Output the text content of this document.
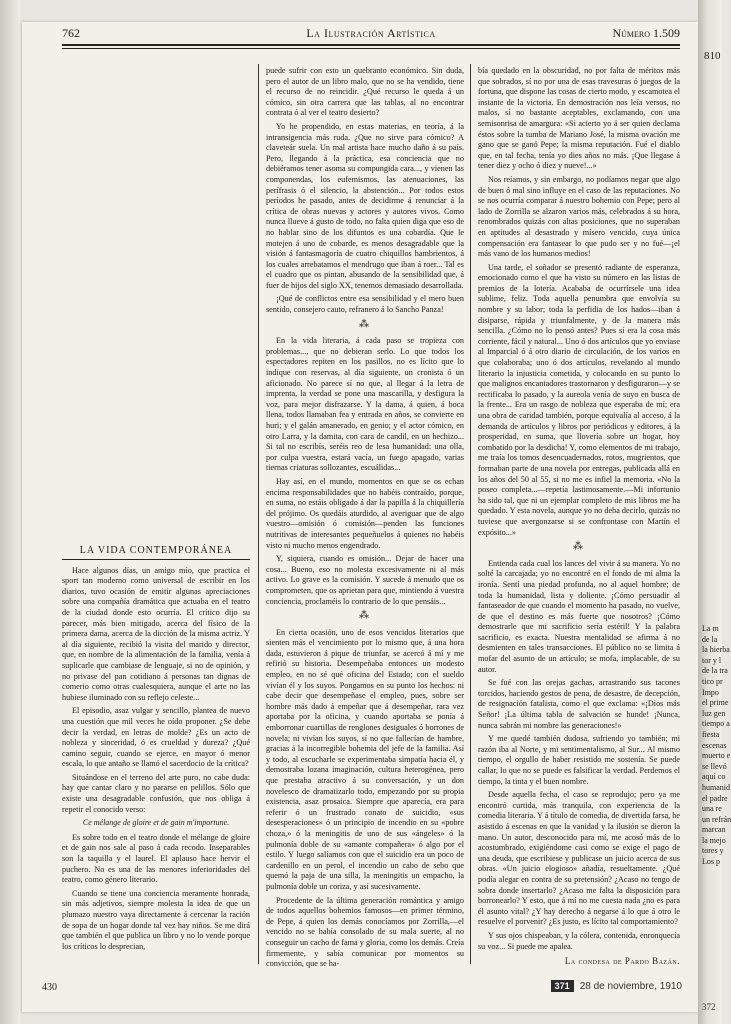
810
La m
de la
la hierba
tor y l
de la tra
tico pr
Impo
el prime
luz gen
tiempo a
fiesta
escenas
muerto e
se llevó
aquí co
humanid
el padre
una re
un refrán
marcan
la mejo
tores y
Los p
372
762	La Ilustración Artística	Número 1.509
LA VIDA CONTEMPORÁNEA

Hace algunos días, un amigo mío, que practica el sport tan moderno como universal de escribir en los diarios, tuvo ocasión de emitir algunas apreciaciones sobre una compañía dramática que actuaba en el teatro de la ciudad donde esto ocurría. El crítico dijo su parecer, más bien mitigado, acerca del físico de la primera dama, acerca de la dicción de la misma actriz. Y al día siguiente, recibió la visita del marido y director, que, en nombre de la alimentación de la familia, venía á suplicarle que cambiase de lenguaje, si no de opinión, y no privase del pan cotidiano á personas tan dignas de comerio como otras cualesquiera, aunque el arte no las hubiese iluminado con su reflejo celeste...

El episodio, asaz vulgar y sencillo, plantea de nuevo una cuestión que mil veces he oído proponer. ¿Se debe decir la verdad, en letras de molde? ¿Es un acto de nobleza y sinceridad, ó es crueldad y dureza? ¿Qué camino seguir, cuando se ejerce, en mayor ó menor escala, lo que antaño se llamó el sacerdocio de la crítica?

Situándose en el terreno del arte puro, no cabe duda: hay que cantar claro y no pararse en pelillos. Sólo que existe una desagradable confusión, que nos obliga á repetir el conocido verso:

Ce mélange de gloire et de gain m'importune.

Es sobre todo en el teatro donde el mélange de gloire et de gain nos sale al paso á cada recodo. Inseparables son la taquilla y el laurel. El aplauso hace hervir el puchero. No es una de las menores inferioridades del teatro, como género literario.

Cuando se tiene una conciencia meramente honrada, sin más adjetivos, siempre molesta la idea de que un plumazo nuestro vaya directamente á cercenar la ración de sopa de un hogar donde tal vez hay niños. Se me dirá que también el que publica un libro y no lo vende porque los críticos lo desprecian,

puede sufrir con esto un quebranto económico. Sin duda, pero el autor de un libro malo, que no se ha vendido, tiene el recurso de no reincidir. ¿Qué recurso le queda á un cómico, sin otra carrera que las tablas, al no encontrar contrata ó al ver el teatro desierto?

Yo he propendido, en estas materias, en teoría, á la intransigencia más ruda. ¿Que no sirve para cómico? A claveteár suela. Un mal artista hace mucho daño á su país. Pero, llegando á la práctica, esa conciencia que no debiéramos tener asoma su compungida cara..., y vienen las componendas, los eufemismos, las atenuaciones, las perífrasis ó el silencio, la abstención... Por todos estos períodos he pasado, antes de decidirme á renunciar á la crítica de obras nuevas y actores y autores vivos. Como nunca llueve á gusto de todo, no falta quien diga que eso de no hablar sino de los difuntos es una cobardía. Que le motejen á uno de cobarde, es menos desagradable que la visión á fantasmagoría de cuatro chiquillos hambrientos, á los cuales arrebatamos el mendrugo que iban á roer... Tal es el cuadro que os pintan, abusando de la sensibilidad que, á fuer de hijos del siglo XX, tenemos demasiado desarrollada.

¡Qué de conflictos entre esa sensibilidad y el mero buen sentido, consejero cauto, refranero á lo Sancho Panza!

⁂

En la vida literaria, á cada paso se tropieza con problemas..., que no debieran serlo. Lo que todos los espectadores repiten en los pasillos, no es lícito que lo indique con reservas, al día siguiente, un cronista ó un aficionado. No parece sí no que, al llegar á la letra de imprenta, la verdad se pone una mascarilla, y desfigura la voz, para mejor disfrazarse. Y la dama, á quien, á boca llena, todos llamaban fea y entrada en años, se convierte en huri; y el galán amanerado, en genio; y el actor cómico, en otro Larra, y la damita, con cara de candil, en un hechizo... Si tal no escribís, seréis reo de lesa humanidad: una olla, por culpa vuestra, estará vacía, un fuego apagado, varias tiernas criaturas sollozantes, escuálidas...

Hay así, en el mundo, momentos en que se os echan encima responsabilidades que no habéis contraído, porque, en suma, no estáis obligado á dar la papilla á la chiquillería del prójimo. Os quedáis aturdido, al averiguar que de algo vuestro—omisión ó comisión—penden las funciones nutritivas de interesantes pequeñuelos á quienes no habéis visto ni mucho menos engendrado.

Y, siquiera, cuando es omisión... Dejar de hacer una cosa... Bueno, eso no molesta excesivamente ni al más activo. Lo grave es la comisión. Y sucede á menudo que os comprometen, que os aprietan para que, mintiendo á vuestra conciencia, proclaméis lo contrario de lo que pensáis...

⁂

En cierta ocasión, uno de esos vencidos literarios que sienten más el vencimiento por lo mismo que, á una hora dada, estuvieron á pique de triunfar, se acercó á mí y me refirió su historia. Desempeñaba entonces un modesto empleo, en no sé qué oficina del Estado; con el sueldo vivían él y los suyos. Pongamos en su punto los hechos: ni cabe decir que desempeñase el empleo, pues, sobre ser hombre más dado á empeñar que á desempeñar, rara vez aportaba por la oficina, y cuando aportaba se ponía á emborronar cuartillas de renglones desiguales ó borrones de novela; ni vivían los suyos, sí no que fallecían de hambre, gracias á la incorregible bohemia del jefe de la familia. Así y todo, al escucharle se experimentaba simpatía hacia él, y demostraba lozana imaginación, cultura heterogénea, pero que prestaba atractivo á su conversación, y un don novelesco de dramatizarlo todo, empezando por su propia existencia, asaz prosaica. Siempre que aparecía, era para referir ó un frustrado conato de suicidio, «sus desesperaciones» ó un principio de incendio en su «pobre choza,» ó la meningitis de uno de sus «ángeles» ó la pulmonía doble de su «amante compañera» ó algo por el estilo. Y luego salíamos con que el suicidio era un poco de cardenillo en un perol, el incendio un cabo de sebo que quemó la paja de una silla, la meningitis un empacho, la pulmonía doble un coriza, y así sucesivamente.

Procedente de la última generación romántica y amigo de todos aquellos bohemios famosos—en primer término, de Pepe, á quien los demás conocíamos por Zorrilla,—el vencido no se había consolado de su mala suerte, al no conseguir un cacho de fama y gloria, como los demás. Creía firmemente, y sabía comunicar por momentos su convicción, que se ha-

bía quedado en la obscuridad, no por falta de méritos más que sobrados, sí no por una de esas travesuras ó juegos de la fortuna, que dispone las cosas de cierto modo, y escamotea el instante de la victoria. En demostración nos leía versos, no malos, sí no bastante aceptables, exclamando, con una semisonrisa de amargura: «Si acierto yo á ser quien declama éstos sobre la tumba de Mariano José, la misma ovación me gano que se ganó Pepe; la misma reputación. Fué el diablo que, en tal fecha, tenía yo dies años no más. ¡Que llegase á tener diez y ocho ó diez y nueve!...»

Nos reíamos, y sin embargo, no podíamos negar que algo de buen ó mal sino influye en el caso de las reputaciones. No se nos ocurría comparar á nuestro bohemio con Pepe; pero al lado de Zorrilla se alzaron varios más, celebrados á su hora, renombrados quizás con altas posiciones, que no superaban en aptitudes al desastrado y mísero vencido, cuya única compensación era fantasear lo que pudo ser y no fué—¡el más vano de los humanos medios!

Una tarde, el soñador se presentó radiante de esperanza, emocionado como el que ha visto su número en las listas de premios de la lotería. Acababa de ocurrírsele una idea sublime, feliz. Toda aquella penumbra que envolvía su nombre y su labor; toda la perfidia de los hados—iban á disiparse, rápida y triunfalmente, y de la manera más sencilla. ¿Cómo no lo pensó antes? Pues sí era la cosa más corriente, fácil y natural... Uno ó dos artículos que yo enviase al Imparcial ó á otro diario de circulación, de los varios en que colaboraba; uno ó dos artículos, revelando al mundo literario la injusticia cometida, y colocando en su punto lo que malignos encantadores trastornaron y desfiguraron—y se rectificaba lo pasado, y la aureola venía de suyo en busca de la frente... Era un rasgo de nobleza que esperaba de mí; era una obra de caridad también, porque equivalía al acceso, á la demanda de artículos y libros por periódicos y editores, á la prosperidad, en suma, que llovería sobre un hogar, hoy combatido por la desdicha! Y, como elementos de mi trabajo, me traía los tomos desencuadernados, rotos, mugrientos, que formaban parte de una novela por entregas, publicada allá en los años del 50 al 55, si no me es infiel la memoria. «No la poseo completa...—repetía lastimosamente.—Mi infortunio ha sido tal, que ni un ejemplar completo de mis libros me ha quedado. Y esta novela, aunque yo no deba decirlo, quizás no tuviese que avergonzarse si se confrontase con Martín el expósito...»

⁂

Entienda cada cual los lances del vivir á su manera. Yo no solté la carcajada; yo no encontré en el fondo de mí alma la ironía. Sentí una piedad profunda, no al aquel hombre; de toda la humanidad, lista y doliente. ¡Cómo persuadir al fantaseador de que cuando el momento ha pasado, no vuelve, de que el destino es más fuerte que nosotros? ¡Cómo demostrarle que mi sacrificio sería estéril! Y la palabra sacrificio, es exacta. Nuestra mentalidad se afirma á no desmienten en tales transacciones. El público no se limita á mofar del asunto de un artículo; se mofa, implacable, de su autor.

Se fué con las orejas gachas, arrastrando sus tacones torcidos, haciendo gestos de pena, de desastre, de decepción, de resignación fatalista, como el que exclama: «¡Dios más Señor! ¡La última tabla de salvación se hunde! ¡Nunca, nunca sabrán mi nombre las generaciones!»

Y me quedé también dudosa, sufriendo yo también; mi razón iba al Norte, y mi sentimentalismo, al Sur... Al mismo tiempo, el orgullo de haber resistido me sostenía. Se puede callar, lo que no se puede es falsificar la verdad. Perdemos el tiempo, la tinta y el buen nombre.

Desde aquella fecha, el caso se reprodujo; pero ya me encontró curtida, más tranquila, con experiencia de la comedia literaria. Y á título de comedia, de divertida farsa, he asistido á escenas en que la vanidad y la ilusión se dieron la mano. Un autor, desconocido para mí, me acosó más de lo acostumbrado, exigiéndome casi como se exige el pago de una deuda, que escribiese y publicase un juicio acerca de sus obras. «Un juicio elogioso» añadía, resueltamente. ¿Qué podía alegar en contra de su pretensión? ¿Acaso no tengo de sobra donde insertarlo? ¿Acaso me falta la disposición para borronearlo? Y esto, que á mí no me cuesta nada ¿no es para él asunto vital? ¿Y hay derecho á negarse á lo que á otro le resuelve el porvenir? ¿Es justo, es lícito tal comportamiento?

Y sus ojos chispeaban, y la cólera, contenida, enronquecía su voz... Si puede me apalea.

La condesa de Pardo Bazán.
430	371	28 de noviembre, 1910
